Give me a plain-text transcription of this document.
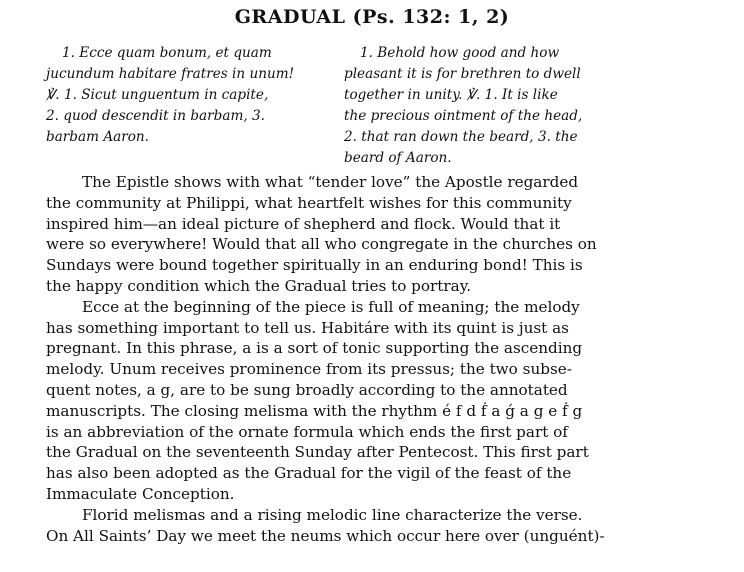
GRADUAL (Ps. 132: 1, 2)
1. Ecce quam bonum, et quam
jucundum habitare fratres in unum!
℣. 1. Sicut unguentum in capite,
2. quod descendit in barbam, 3.
barbam Aaron.
1. Behold how good and how
pleasant it is for brethren to dwell
together in unity. ℣. 1. It is like
the precious ointment of the head,
2. that ran down the beard, 3. the
beard of Aaron.
The Epistle shows with what “tender love” the Apostle regarded
the community at Philippi, what heartfelt wishes for this community
inspired him—an ideal picture of shepherd and flock. Would that it
were so everywhere! Would that all who congregate in the churches on
Sundays were bound together spiritually in an enduring bond! This is
the happy condition which the Gradual tries to portray.
Ecce at the beginning of the piece is full of meaning; the melody
has something important to tell us. Habitáre with its quint is just as
pregnant. In this phrase, a is a sort of tonic supporting the ascending
melody. Unum receives prominence from its pressus; the two subse-
quent notes, a g, are to be sung broadly according to the annotated
manuscripts. The closing melisma with the rhythm é f d ḟ a ǵ a g e ḟ g
is an abbreviation of the ornate formula which ends the first part of
the Gradual on the seventeenth Sunday after Pentecost. This first part
has also been adopted as the Gradual for the vigil of the feast of the
Immaculate Conception.
Florid melismas and a rising melodic line characterize the verse.
On All Saints’ Day we meet the neums which occur here over (unguént)-
